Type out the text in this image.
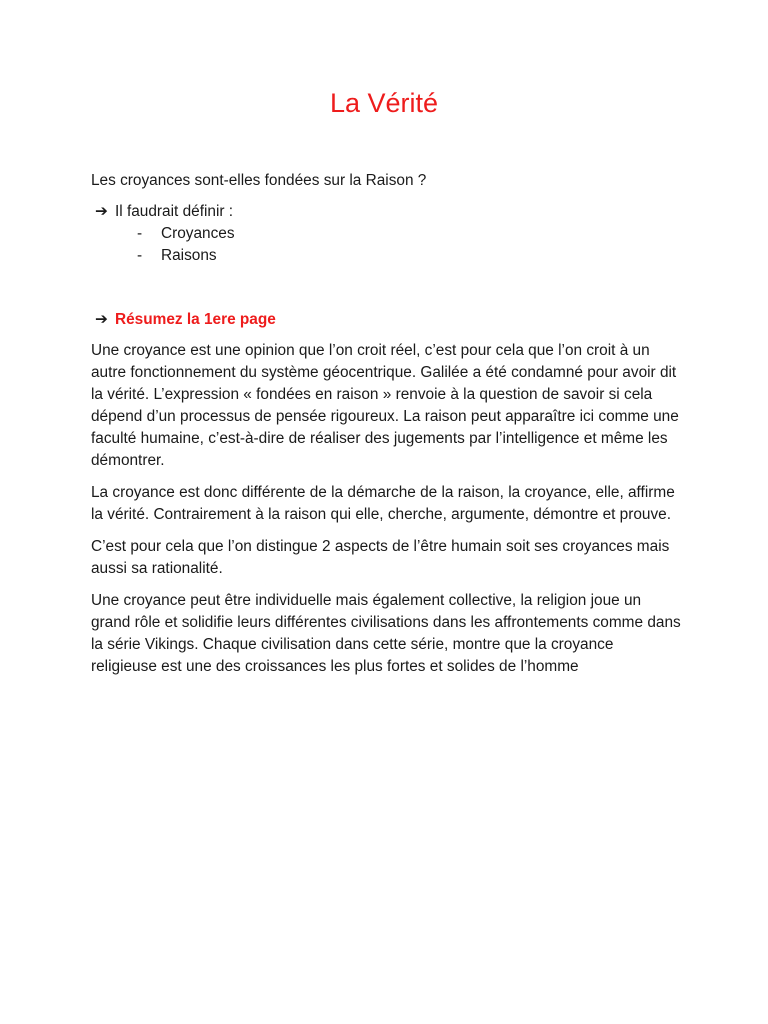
La Vérité

Les croyances sont-elles fondées sur la Raison ?

➔ Il faudrait définir :

- Croyances
- Raisons

➔ Résumez la 1ere page

Une croyance est une opinion que l’on croit réel, c’est pour cela que l’on croit à un autre fonctionnement du système géocentrique. Galilée a été condamné pour avoir dit la vérité. L’expression « fondées en raison » renvoie à la question de savoir si cela dépend d’un processus de pensée rigoureux. La raison peut apparaître ici comme une faculté humaine, c’est-à-dire de réaliser des jugements par l’intelligence et même les démontrer.

La croyance est donc différente de la démarche de la raison, la croyance, elle, affirme la vérité. Contrairement à la raison qui elle, cherche, argumente, démontre et prouve.

C’est pour cela que l’on distingue 2 aspects de l’être humain soit ses croyances mais aussi sa rationalité.

Une croyance peut être individuelle mais également collective, la religion joue un grand rôle et solidifie leurs différentes civilisations dans les affrontements comme dans la série Vikings. Chaque civilisation dans cette série, montre que la croyance religieuse est une des croissances les plus fortes et solides de l’homme
